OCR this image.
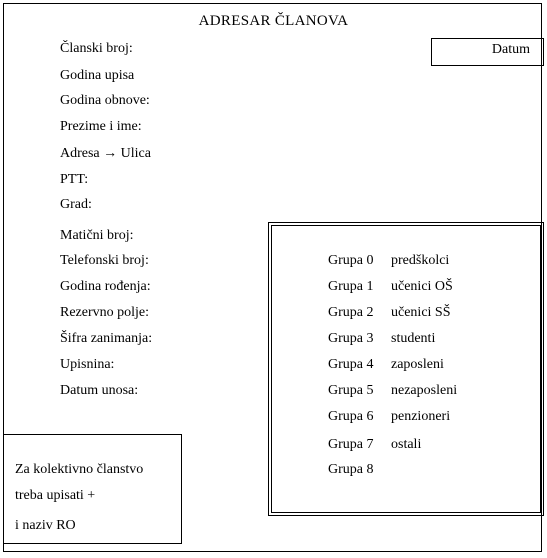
ADRESAR ČLANOVA
Datum
Članski broj:
Godina upisa
Godina obnove:
Prezime i ime:
Adresa → Ulica
PTT:
Grad:
Matični broj:
Telefonski broj:
Godina rođenja:
Rezervno polje:
Šifra zanimanja:
Upisnina:
Datum unosa:
Grupa 0 predškolci
Grupa 1 učenici OŠ
Grupa 2 učenici SŠ
Grupa 3 studenti
Grupa 4 zaposleni
Grupa 5 nezaposleni
Grupa 6 penzioneri
Grupa 7 ostali
Grupa 8
Za kolektivno članstvo
treba upisati +
i naziv RO
